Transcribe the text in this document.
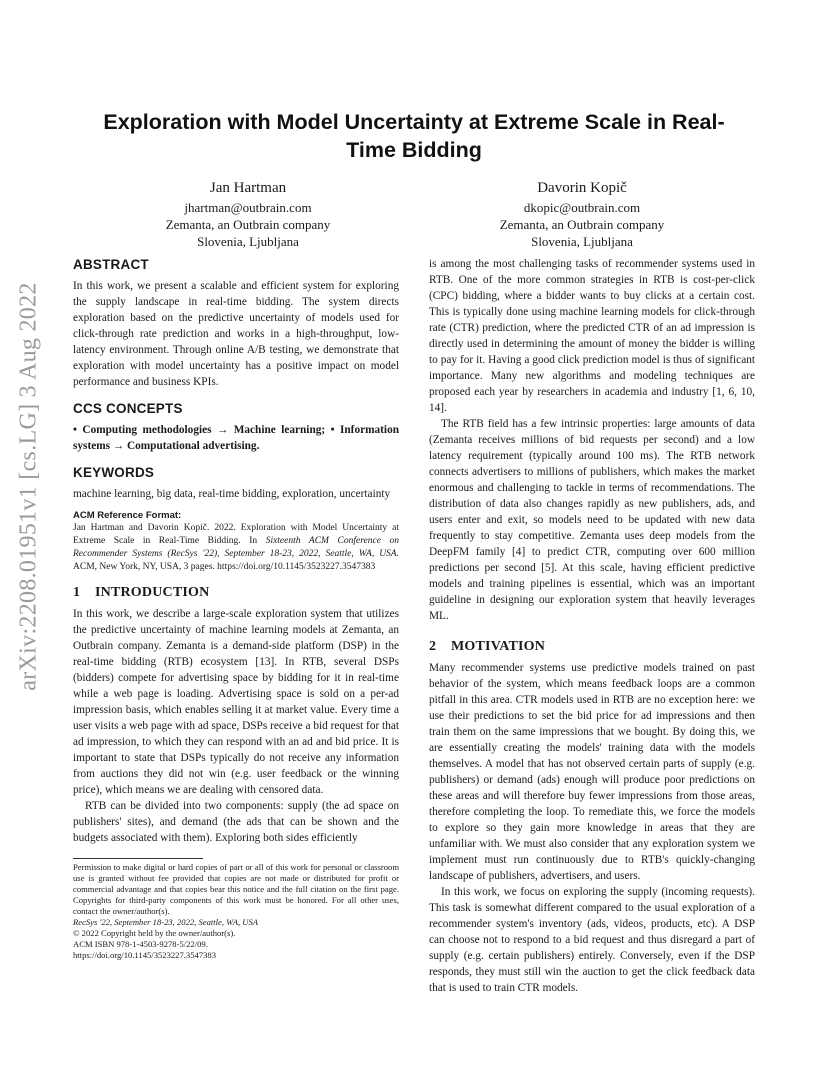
arXiv:2208.01951v1 [cs.LG] 3 Aug 2022
Exploration with Model Uncertainty at Extreme Scale in Real-Time Bidding
Jan Hartman
jhartman@outbrain.com
Zemanta, an Outbrain company
Slovenia, Ljubljana
Davorin Kopič
dkopic@outbrain.com
Zemanta, an Outbrain company
Slovenia, Ljubljana
ABSTRACT

In this work, we present a scalable and efficient system for exploring the supply landscape in real-time bidding. The system directs exploration based on the predictive uncertainty of models used for click-through rate prediction and works in a high-throughput, low-latency environment. Through online A/B testing, we demonstrate that exploration with model uncertainty has a positive impact on model performance and business KPIs.

CCS CONCEPTS

• Computing methodologies → Machine learning; • Information systems → Computational advertising.

KEYWORDS

machine learning, big data, real-time bidding, exploration, uncertainty

ACM Reference Format:

Jan Hartman and Davorin Kopič. 2022. Exploration with Model Uncertainty at Extreme Scale in Real-Time Bidding. In Sixteenth ACM Conference on Recommender Systems (RecSys '22), September 18-23, 2022, Seattle, WA, USA. ACM, New York, NY, USA, 3 pages. https://doi.org/10.1145/3523227.3547383

1 INTRODUCTION

In this work, we describe a large-scale exploration system that utilizes the predictive uncertainty of machine learning models at Zemanta, an Outbrain company. Zemanta is a demand-side platform (DSP) in the real-time bidding (RTB) ecosystem [13]. In RTB, several DSPs (bidders) compete for advertising space by bidding for it in real-time while a web page is loading. Advertising space is sold on a per-ad impression basis, which enables selling it at market value. Every time a user visits a web page with ad space, DSPs receive a bid request for that ad impression, to which they can respond with an ad and bid price. It is important to state that DSPs typically do not receive any information from auctions they did not win (e.g. user feedback or the winning price), which means we are dealing with censored data.

RTB can be divided into two components: supply (the ad space on publishers' sites), and demand (the ads that can be shown and the budgets associated with them). Exploring both sides efficiently

is among the most challenging tasks of recommender systems used in RTB. One of the more common strategies in RTB is cost-per-click (CPC) bidding, where a bidder wants to buy clicks at a certain cost. This is typically done using machine learning models for click-through rate (CTR) prediction, where the predicted CTR of an ad impression is directly used in determining the amount of money the bidder is willing to pay for it. Having a good click prediction model is thus of significant importance. Many new algorithms and modeling techniques are proposed each year by researchers in academia and industry [1, 6, 10, 14].

The RTB field has a few intrinsic properties: large amounts of data (Zemanta receives millions of bid requests per second) and a low latency requirement (typically around 100 ms). The RTB network connects advertisers to millions of publishers, which makes the market enormous and challenging to tackle in terms of recommendations. The distribution of data also changes rapidly as new publishers, ads, and users enter and exit, so models need to be updated with new data frequently to stay competitive. Zemanta uses deep models from the DeepFM family [4] to predict CTR, computing over 600 million predictions per second [5]. At this scale, having efficient predictive models and training pipelines is essential, which was an important guideline in designing our exploration system that heavily leverages ML.

2 MOTIVATION

Many recommender systems use predictive models trained on past behavior of the system, which means feedback loops are a common pitfall in this area. CTR models used in RTB are no exception here: we use their predictions to set the bid price for ad impressions and then train them on the same impressions that we bought. By doing this, we are essentially creating the models' training data with the models themselves. A model that has not observed certain parts of supply (e.g. publishers) or demand (ads) enough will produce poor predictions on these areas and will therefore buy fewer impressions from those areas, therefore completing the loop. To remediate this, we force the models to explore so they gain more knowledge in areas that they are unfamiliar with. We must also consider that any exploration system we implement must run continuously due to RTB's quickly-changing landscape of publishers, advertisers, and users.

In this work, we focus on exploring the supply (incoming requests). This task is somewhat different compared to the usual exploration of a recommender system's inventory (ads, videos, products, etc). A DSP can choose not to respond to a bid request and thus disregard a part of supply (e.g. certain publishers) entirely. Conversely, even if the DSP responds, they must still win the auction to get the click feedback data that is used to train CTR models.

Permission to make digital or hard copies of part or all of this work for personal or classroom use is granted without fee provided that copies are not made or distributed for profit or commercial advantage and that copies bear this notice and the full citation on the first page. Copyrights for third-party components of this work must be honored. For all other uses, contact the owner/author(s).
RecSys '22, September 18-23, 2022, Seattle, WA, USA
© 2022 Copyright held by the owner/author(s).
ACM ISBN 978-1-4503-9278-5/22/09.
https://doi.org/10.1145/3523227.3547383
